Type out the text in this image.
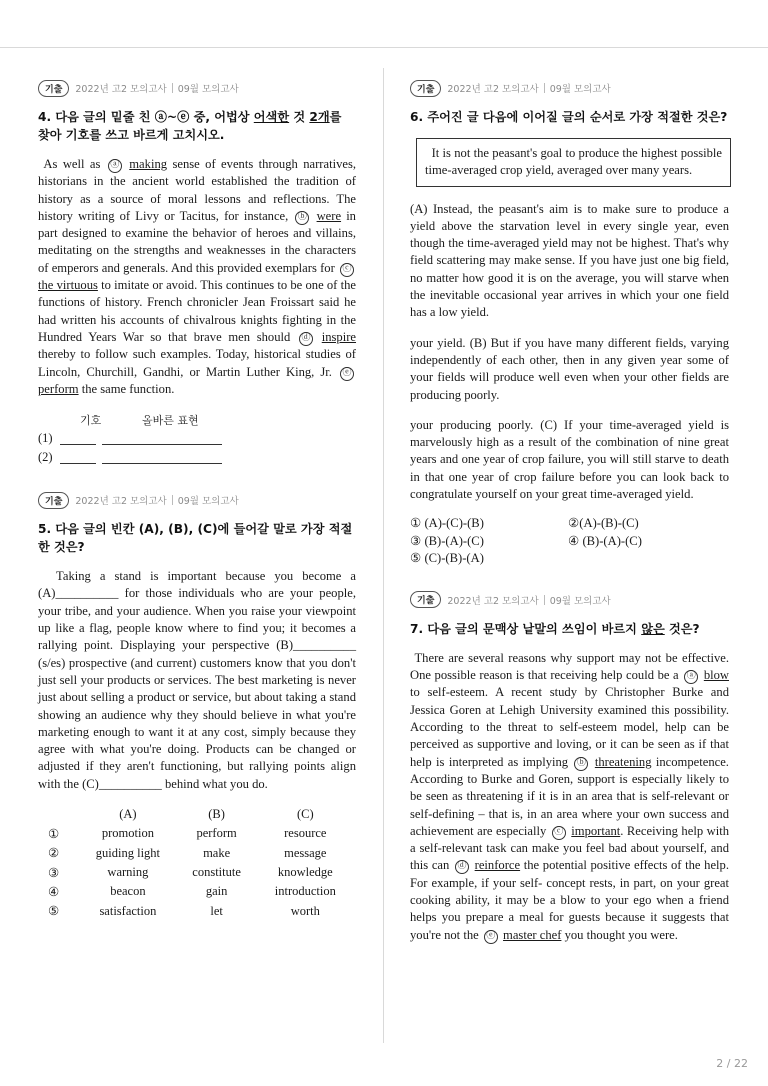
기출	2022년 고2 모의고사 09월 모의고사
4. 다음 글의 밑줄 친 ⓐ~ⓔ 중, 어법상 어색한 것 2개를 찾아 기호를 쓰고 바르게 고치시오.

As well as ⓐ making sense of events through narratives, historians in the ancient world established the tradition of history as a source of moral lessons and reflections. The history writing of Livy or Tacitus, for instance, ⓑ were in part designed to examine the behavior of heroes and villains, meditating on the strengths and weaknesses in the characters of emperors and generals. And this provided exemplars for ⓒ the virtuous to imitate or avoid. This continues to be one of the functions of history. French chronicler Jean Froissart said he had written his accounts of chivalrous knights fighting in the Hundred Years War so that brave men should ⓓ inspire thereby to follow such examples. Today, historical studies of Lincoln, Churchill, Gandhi, or Martin Luther King, Jr. ⓔ perform the same function.

기호	올바른 표현
(1)
(2)
기출	2022년 고2 모의고사 09월 모의고사
5. 다음 글의 빈칸 (A), (B), (C)에 들어갈 말로 가장 적절한 것은?

Taking a stand is important because you become a (A)__________ for those individuals who are your people, your tribe, and your audience. When you raise your viewpoint up like a flag, people know where to find you; it becomes a rallying point. Displaying your perspective (B)__________ (s/es) prospective (and current) customers know that you don't just sell your products or services. The best marketing is never just about selling a product or service, but about taking a stand showing an audience why they should believe in what you're marketing enough to want it at any cost, simply because they agree with what you're doing. Products can be changed or adjusted if they aren't functioning, but rallying points align with the (C)__________ behind what you do.

(A)	(B)	(C)
①	promotion	perform	resource
②	guiding light	make	message
③	warning	constitute	knowledge
④	beacon	gain	introduction
⑤	satisfaction	let	worth
기출	2022년 고2 모의고사 09월 모의고사
6. 주어진 글 다음에 이어질 글의 순서로 가장 적절한 것은?
It is not the peasant's goal to produce the highest possible time-averaged crop yield, averaged over many years.

(A) Instead, the peasant's aim is to make sure to produce a yield above the starvation level in every single year, even though the time-averaged yield may not be highest. That's why field scattering may make sense. If you have just one big field, no matter how good it is on the average, you will starve when the inevitable occasional year arrives in which your one field has a low yield.

your yield. (B) But if you have many different fields, varying independently of each other, then in any given year some of your fields will produce well even when your other fields are producing poorly.

your producing poorly. (C) If your time-averaged yield is marvelously high as a result of the combination of nine great years and one year of crop failure, you will still starve to death in that one year of crop failure before you can look back to congratulate yourself on your great time-averaged yield.

① (A)-(C)-(B)	②(A)-(B)-(C)
③ (B)-(A)-(C)	④ (B)-(A)-(C)
⑤ (C)-(B)-(A)
기출	2022년 고2 모의고사 09월 모의고사
7. 다음 글의 문맥상 낱말의 쓰임이 바르지 않은 것은?

There are several reasons why support may not be effective. One possible reason is that receiving help could be a ⓐ blow to self-esteem. A recent study by Christopher Burke and Jessica Goren at Lehigh University examined this possibility. According to the threat to self-esteem model, help can be perceived as supportive and loving, or it can be seen as if that help is interpreted as implying ⓑ threatening incompetence. According to Burke and Goren, support is especially likely to be seen as threatening if it is in an area that is self-relevant or self-defining – that is, in an area where your own success and achievement are especially ⓒ important. Receiving help with a self-relevant task can make you feel bad about yourself, and this can ⓓ reinforce the potential positive effects of the help. For example, if your self- concept rests, in part, on your great cooking ability, it may be a blow to your ego when a friend helps you prepare a meal for guests because it suggests that you're not the ⓔ master chef you thought you were.

2 / 22
